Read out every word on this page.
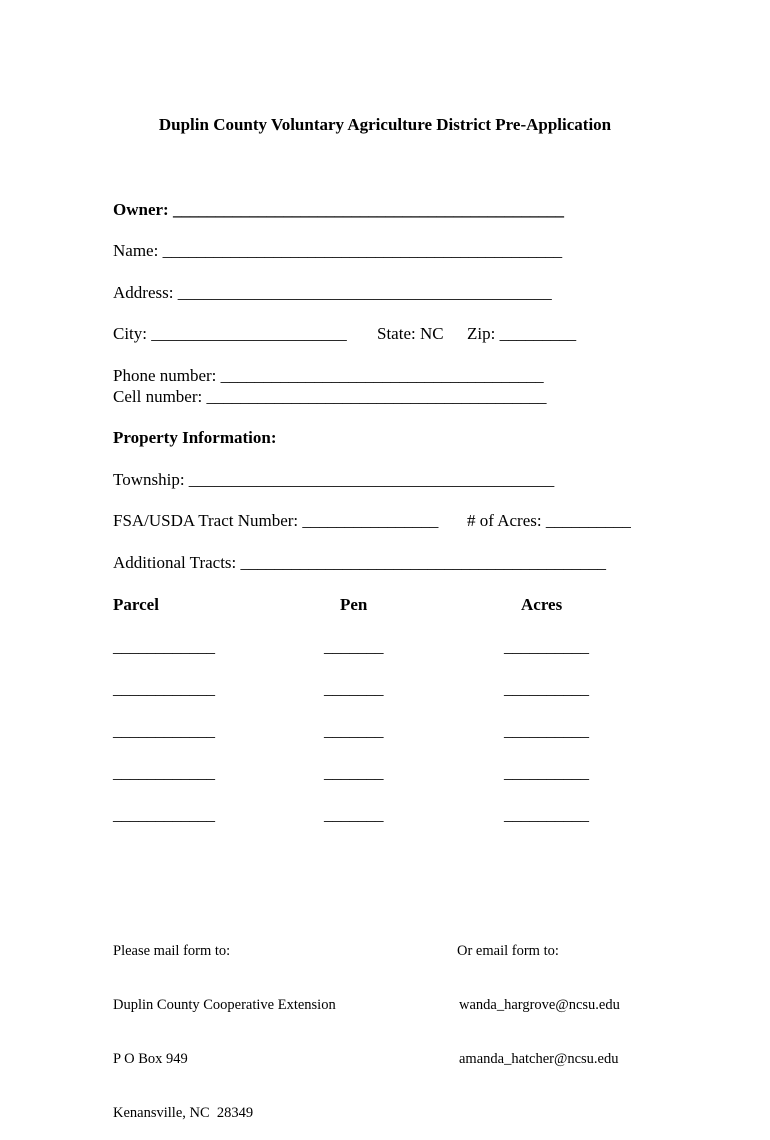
Duplin County Voluntary Agriculture District Pre-Application
Owner: ______________________________________________
Name: _______________________________________________
Address: ____________________________________________
City: _______________________ State: NC Zip: _________
Phone number: ______________________________________
Cell number: ________________________________________
Property Information:
Township: ___________________________________________
FSA/USDA Tract Number: ________________ # of Acres: __________
Additional Tracts: ___________________________________________
Parcel	Pen	Acres
____________	_______	__________
____________	_______	__________
____________	_______	__________
____________	_______	__________
____________	_______	__________

Please mail form to:

Duplin County Cooperative Extension

P O Box 949

Kenansville, NC  28349

Or email form to:

wanda_hargrove@ncsu.edu

amanda_hatcher@ncsu.edu
